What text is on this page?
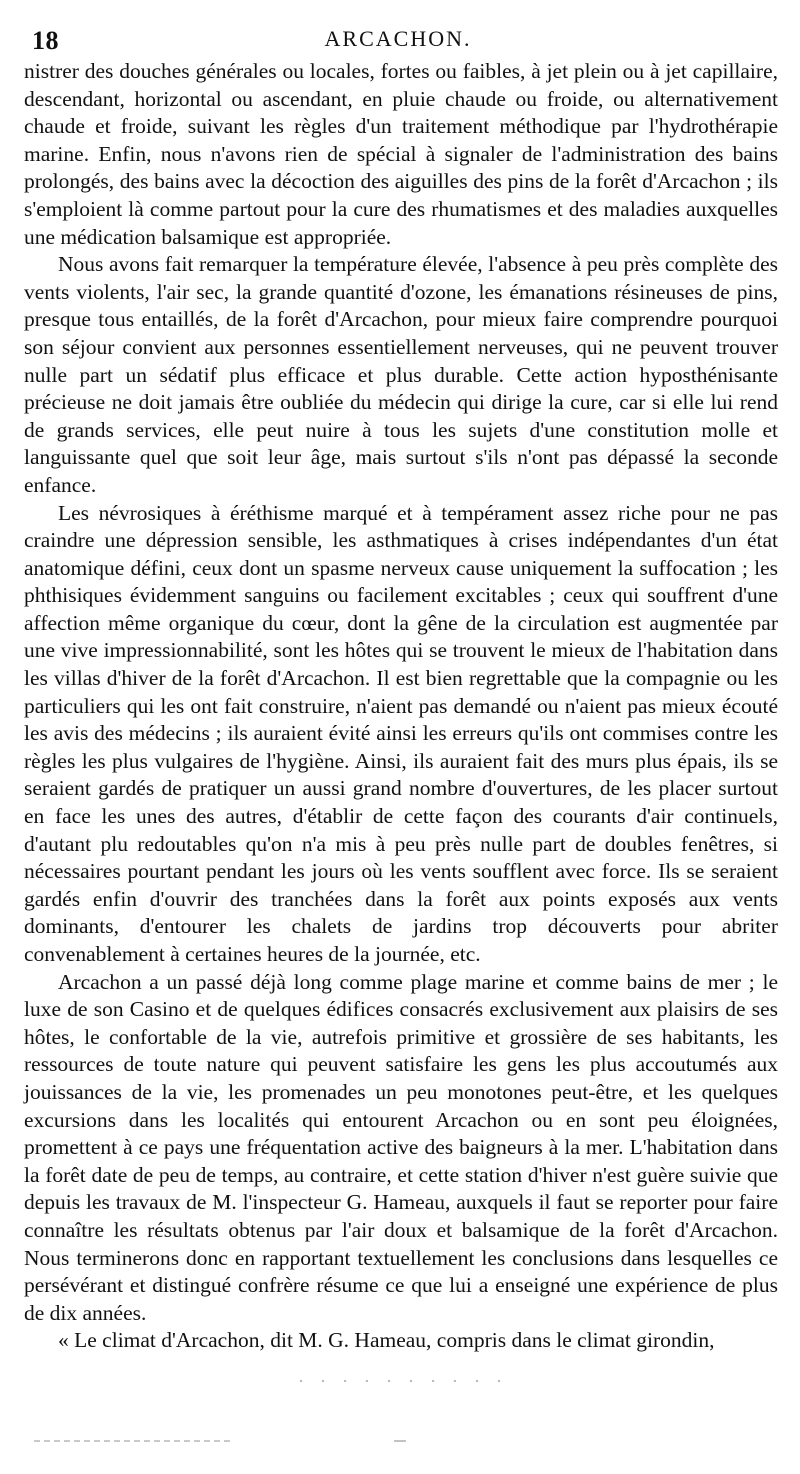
18	ARCACHON.

nistrer des douches générales ou locales, fortes ou faibles, à jet plein ou à jet capillaire, descendant, horizontal ou ascendant, en pluie chaude ou froide, ou alternativement chaude et froide, suivant les règles d'un traitement méthodique par l'hydrothérapie marine. Enfin, nous n'avons rien de spécial à signaler de l'administration des bains prolongés, des bains avec la décoction des aiguilles des pins de la forêt d'Arcachon ; ils s'emploient là comme partout pour la cure des rhumatismes et des maladies auxquelles une médication balsamique est appropriée.

Nous avons fait remarquer la température élevée, l'absence à peu près complète des vents violents, l'air sec, la grande quantité d'ozone, les émanations résineuses de pins, presque tous entaillés, de la forêt d'Arcachon, pour mieux faire comprendre pourquoi son séjour convient aux personnes essentiellement nerveuses, qui ne peuvent trouver nulle part un sédatif plus efficace et plus durable. Cette action hyposthénisante précieuse ne doit jamais être oubliée du médecin qui dirige la cure, car si elle lui rend de grands services, elle peut nuire à tous les sujets d'une constitution molle et languissante quel que soit leur âge, mais surtout s'ils n'ont pas dépassé la seconde enfance.

Les névrosiques à éréthisme marqué et à tempérament assez riche pour ne pas craindre une dépression sensible, les asthmatiques à crises indépendantes d'un état anatomique défini, ceux dont un spasme nerveux cause uniquement la suffocation ; les phthisiques évidemment sanguins ou facilement excitables ; ceux qui souffrent d'une affection même organique du cœur, dont la gêne de la circulation est augmentée par une vive impressionnabilité, sont les hôtes qui se trouvent le mieux de l'habitation dans les villas d'hiver de la forêt d'Arcachon. Il est bien regrettable que la compagnie ou les particuliers qui les ont fait construire, n'aient pas demandé ou n'aient pas mieux écouté les avis des médecins ; ils auraient évité ainsi les erreurs qu'ils ont commises contre les règles les plus vulgaires de l'hygiène. Ainsi, ils auraient fait des murs plus épais, ils se seraient gardés de pratiquer un aussi grand nombre d'ouvertures, de les placer surtout en face les unes des autres, d'établir de cette façon des courants d'air continuels, d'autant plu redoutables qu'on n'a mis à peu près nulle part de doubles fenêtres, si nécessaires pourtant pendant les jours où les vents soufflent avec force. Ils se seraient gardés enfin d'ouvrir des tranchées dans la forêt aux points exposés aux vents dominants, d'entourer les chalets de jardins trop découverts pour abriter convenablement à certaines heures de la journée, etc.

Arcachon a un passé déjà long comme plage marine et comme bains de mer ; le luxe de son Casino et de quelques édifices consacrés exclusivement aux plaisirs de ses hôtes, le confortable de la vie, autrefois primitive et grossière de ses habitants, les ressources de toute nature qui peuvent satisfaire les gens les plus accoutumés aux jouissances de la vie, les promenades un peu monotones peut-être, et les quelques excursions dans les localités qui entourent Arcachon ou en sont peu éloignées, promettent à ce pays une fréquentation active des baigneurs à la mer. L'habitation dans la forêt date de peu de temps, au contraire, et cette station d'hiver n'est guère suivie que depuis les travaux de M. l'inspecteur G. Hameau, auxquels il faut se reporter pour faire connaître les résultats obtenus par l'air doux et balsamique de la forêt d'Arcachon. Nous terminerons donc en rapportant textuellement les conclusions dans lesquelles ce persévérant et distingué confrère résume ce que lui a enseigné une expérience de plus de dix années.

« Le climat d'Arcachon, dit M. G. Hameau, compris dans le climat girondin,
